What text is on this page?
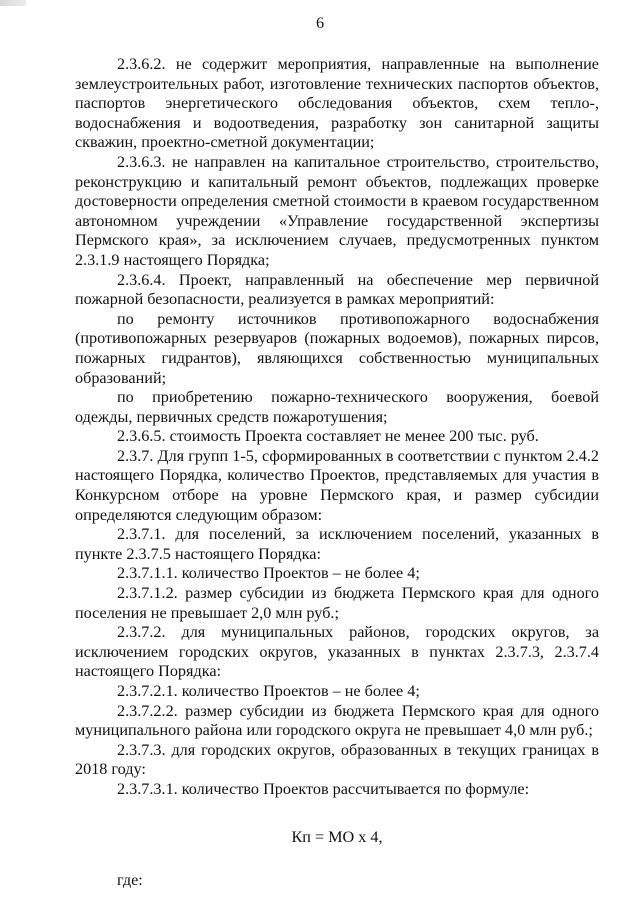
6

2.3.6.2. не содержит мероприятия, направленные на выполнение землеустроительных работ, изготовление технических паспортов объектов, паспортов энергетического обследования объектов, схем тепло-, водоснабжения и водоотведения, разработку зон санитарной защиты скважин, проектно-сметной документации;

2.3.6.3. не направлен на капитальное строительство, строительство, реконструкцию и капитальный ремонт объектов, подлежащих проверке достоверности определения сметной стоимости в краевом государственном автономном учреждении «Управление государственной экспертизы Пермского края», за исключением случаев, предусмотренных пунктом 2.3.1.9 настоящего Порядка;

2.3.6.4. Проект, направленный на обеспечение мер первичной пожарной безопасности, реализуется в рамках мероприятий:

по ремонту источников противопожарного водоснабжения (противопожарных резервуаров (пожарных водоемов), пожарных пирсов, пожарных гидрантов), являющихся собственностью муниципальных образований;

по приобретению пожарно-технического вооружения, боевой одежды, первичных средств пожаротушения;

2.3.6.5. стоимость Проекта составляет не менее 200 тыс. руб.

2.3.7. Для групп 1-5, сформированных в соответствии с пунктом 2.4.2 настоящего Порядка, количество Проектов, представляемых для участия в Конкурсном отборе на уровне Пермского края, и размер субсидии определяются следующим образом:

2.3.7.1. для поселений, за исключением поселений, указанных в пункте 2.3.7.5 настоящего Порядка:

2.3.7.1.1. количество Проектов – не более 4;

2.3.7.1.2. размер субсидии из бюджета Пермского края для одного поселения не превышает 2,0 млн руб.;

2.3.7.2. для муниципальных районов, городских округов, за исключением городских округов, указанных в пунктах 2.3.7.3, 2.3.7.4 настоящего Порядка:

2.3.7.2.1. количество Проектов – не более 4;

2.3.7.2.2. размер субсидии из бюджета Пермского края для одного муниципального района или городского округа не превышает 4,0 млн руб.;

2.3.7.3. для городских округов, образованных в текущих границах в 2018 году:

2.3.7.3.1. количество Проектов рассчитывается по формуле:

Кп = МО х 4,

где:
